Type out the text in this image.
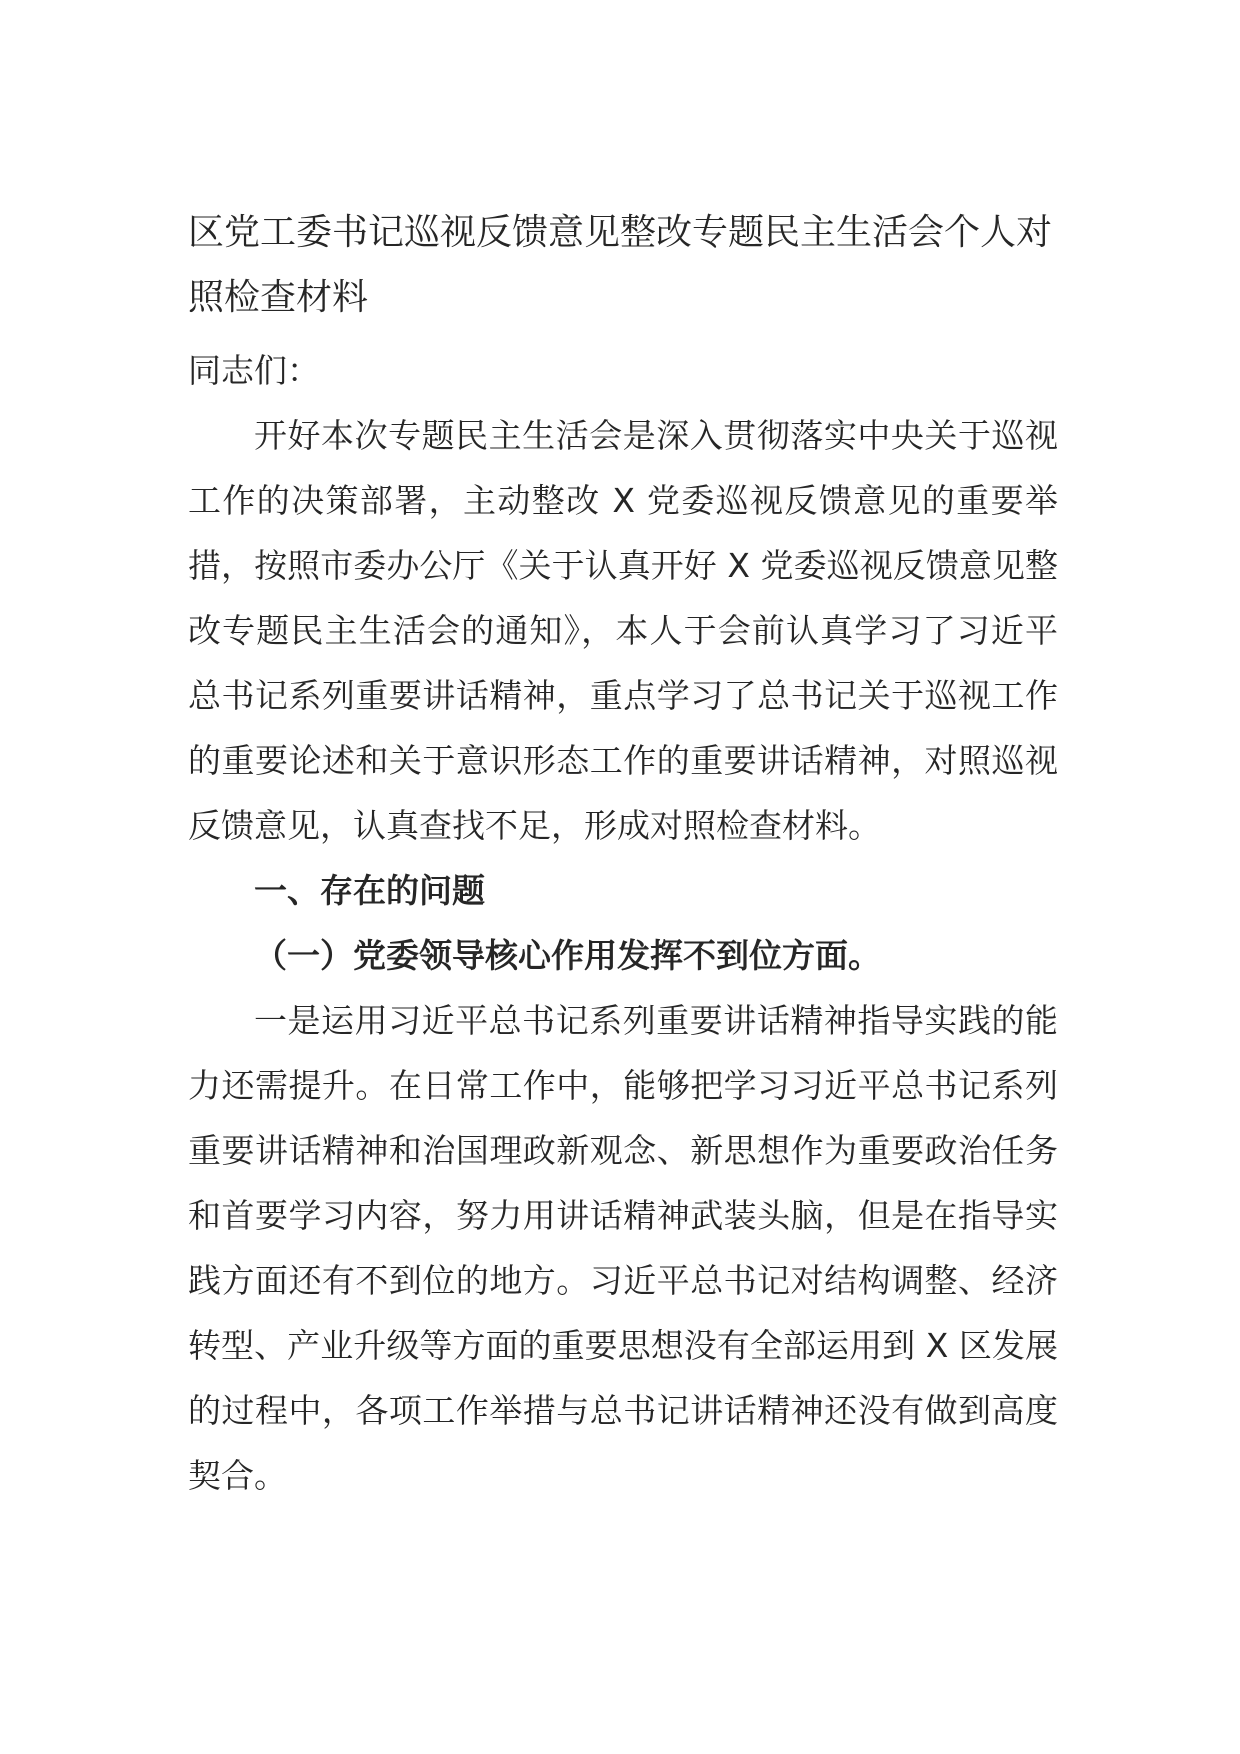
区党工委书记巡视反馈意见整改专题民主生活会个人对照检查材料

同志们：

开好本次专题民主生活会是深入贯彻落实中央关于巡视工作的决策部署，主动整改 X 党委巡视反馈意见的重要举措，按照市委办公厅《关于认真开好 X 党委巡视反馈意见整改专题民主生活会的通知》，本人于会前认真学习了习近平总书记系列重要讲话精神，重点学习了总书记关于巡视工作的重要论述和关于意识形态工作的重要讲话精神，对照巡视反馈意见，认真查找不足，形成对照检查材料。

一、存在的问题

（一）党委领导核心作用发挥不到位方面。

一是运用习近平总书记系列重要讲话精神指导实践的能力还需提升。在日常工作中，能够把学习习近平总书记系列重要讲话精神和治国理政新观念、新思想作为重要政治任务和首要学习内容，努力用讲话精神武装头脑，但是在指导实践方面还有不到位的地方。习近平总书记对结构调整、经济转型、产业升级等方面的重要思想没有全部运用到 X 区发展的过程中，各项工作举措与总书记讲话精神还没有做到高度契合。
